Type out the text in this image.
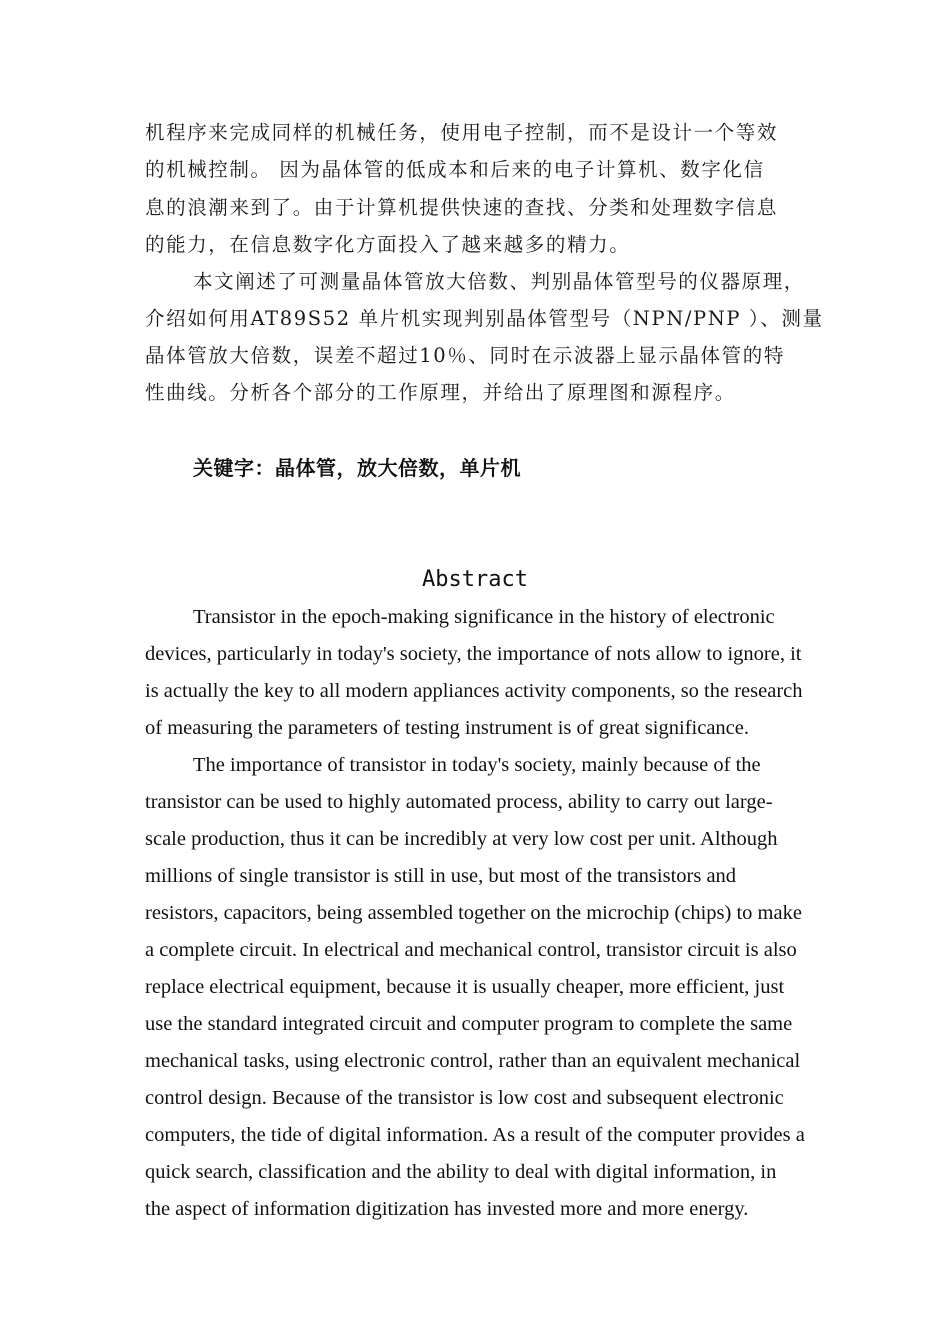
机程序来完成同样的机械任务，使用电子控制，而不是设计一个等效
的机械控制。 因为晶体管的低成本和后来的电子计算机、数字化信
息的浪潮来到了。由于计算机提供快速的查找、分类和处理数字信息
的能力，在信息数字化方面投入了越来越多的精力。
本文阐述了可测量晶体管放大倍数、判别晶体管型号的仪器原理，
介绍如何用AT89S52 单片机实现判别晶体管型号（NPN/PNP ）、测量
晶体管放大倍数，误差不超过10％、同时在示波器上显示晶体管的特
性曲线。分析各个部分的工作原理，并给出了原理图和源程序。
关键字：晶体管，放大倍数，单片机
Abstract
Transistor in the epoch-making significance in the history of electronic
devices, particularly in today's society, the importance of nots allow to ignore, it
is actually the key to all modern appliances activity components, so the research
of measuring the parameters of testing instrument is of great significance.
The importance of transistor in today's society, mainly because of the
transistor can be used to highly automated process, ability to carry out large-
scale production, thus it can be incredibly at very low cost per unit. Although
millions of single transistor is still in use, but most of the transistors and
resistors, capacitors, being assembled together on the microchip (chips) to make
a complete circuit. In electrical and mechanical control, transistor circuit is also
replace electrical equipment, because it is usually cheaper, more efficient, just
use the standard integrated circuit and computer program to complete the same
mechanical tasks, using electronic control, rather than an equivalent mechanical
control design. Because of the transistor is low cost and subsequent electronic
computers, the tide of digital information. As a result of the computer provides a
quick search, classification and the ability to deal with digital information, in
the aspect of information digitization has invested more and more energy.
